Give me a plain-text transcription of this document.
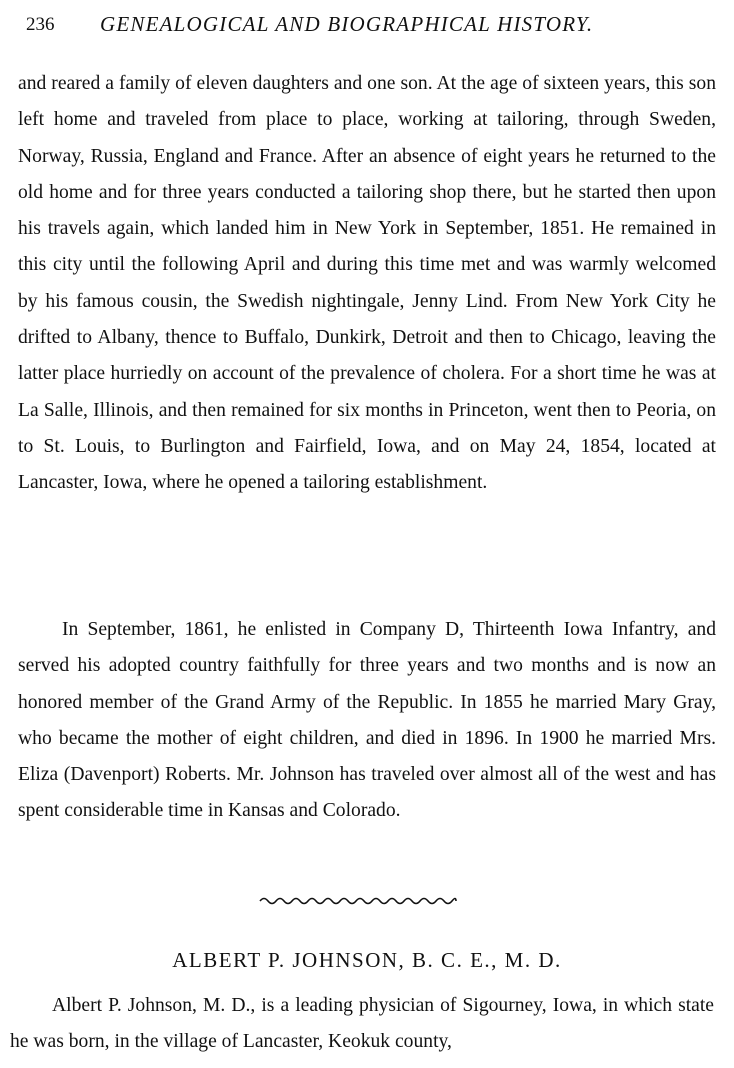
236 GENEALOGICAL AND BIOGRAPHICAL HISTORY.

and reared a family of eleven daughters and one son. At the age of sixteen years, this son left home and traveled from place to place, working at tailoring, through Sweden, Norway, Russia, England and France. After an absence of eight years he returned to the old home and for three years conducted a tailoring shop there, but he started then upon his travels again, which landed him in New York in September, 1851. He remained in this city until the following April and during this time met and was warmly welcomed by his famous cousin, the Swedish nightingale, Jenny Lind. From New York City he drifted to Albany, thence to Buffalo, Dunkirk, Detroit and then to Chicago, leaving the latter place hurriedly on account of the prevalence of cholera. For a short time he was at La Salle, Illinois, and then remained for six months in Princeton, went then to Peoria, on to St. Louis, to Burlington and Fairfield, Iowa, and on May 24, 1854, located at Lancaster, Iowa, where he opened a tailoring establishment.

In September, 1861, he enlisted in Company D, Thirteenth Iowa Infantry, and served his adopted country faithfully for three years and two months and is now an honored member of the Grand Army of the Republic. In 1855 he married Mary Gray, who became the mother of eight children, and died in 1896. In 1900 he married Mrs. Eliza (Davenport) Roberts. Mr. Johnson has traveled over almost all of the west and has spent considerable time in Kansas and Colorado.

ALBERT P. JOHNSON, B. C. E., M. D.

Albert P. Johnson, M. D., is a leading physician of Sigourney, Iowa, in which state he was born, in the village of Lancaster, Keokuk county,
